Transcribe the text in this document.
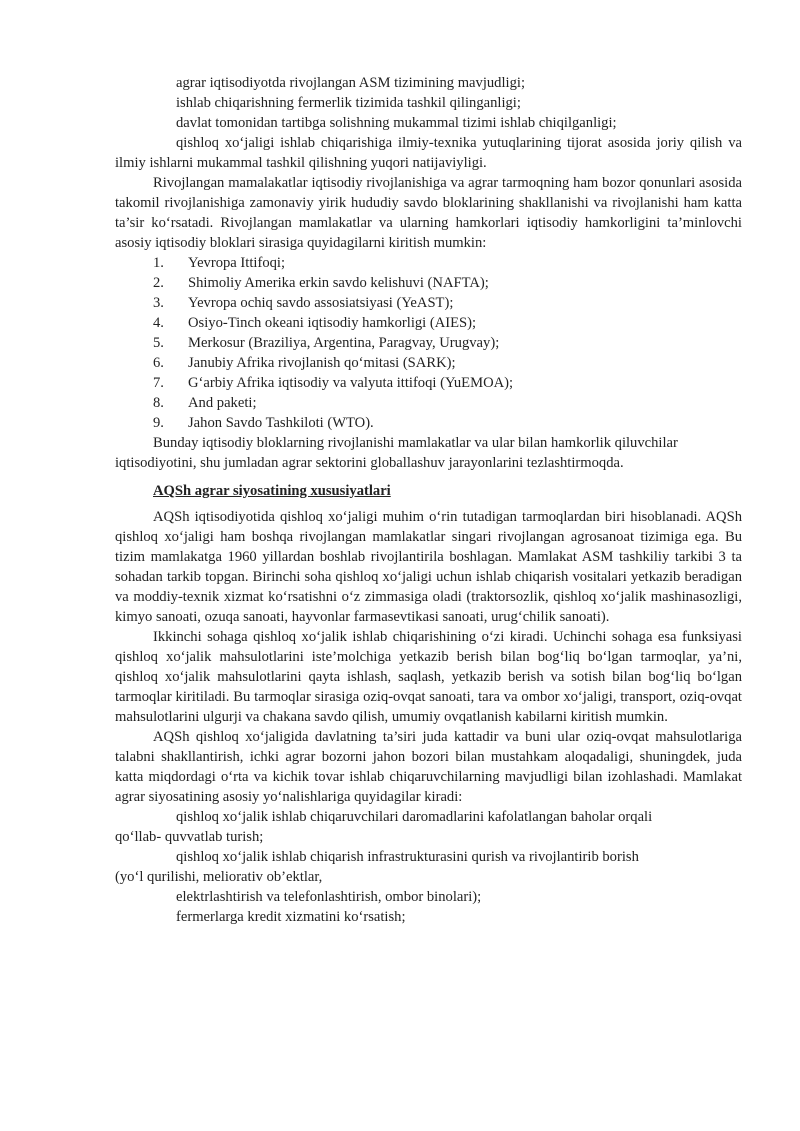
agrar iqtisodiyotda rivojlangan ASM tizimining mavjudligi;

ishlab chiqarishning fermerlik tizimida tashkil qilinganligi;

davlat tomonidan tartibga solishning mukammal tizimi ishlab chiqilganligi;

qishloq xo‘jaligi ishlab chiqarishiga ilmiy-texnika yutuqlarining tijorat asosida joriy qilish va ilmiy ishlarni mukammal tashkil qilishning yuqori natijaviyligi.

Rivojlangan mamalakatlar iqtisodiy rivojlanishiga va agrar tarmoqning ham bozor qonunlari asosida takomil rivojlanishiga zamonaviy yirik hududiy savdo bloklarining shakllanishi va rivojlanishi ham katta ta’sir ko‘rsatadi. Rivojlangan mamlakatlar va ularning hamkorlari iqtisodiy hamkorligini ta’minlovchi asosiy iqtisodiy bloklari sirasiga quyidagilarni kiritish mumkin:

1. Yevropa Ittifoqi;
2. Shimoliy Amerika erkin savdo kelishuvi (NAFTA);
3. Yevropa ochiq savdo assosiatsiyasi (YeAST);
4. Osiyo-Tinch okeani iqtisodiy hamkorligi (AIES);
5. Merkosur (Braziliya, Argentina, Paragvay, Urugvay);
6. Janubiy Afrika rivojlanish qo‘mitasi (SARK);
7. G‘arbiy Afrika iqtisodiy va valyuta ittifoqi (YuEMOA);
8. And paketi;
9. Jahon Savdo Tashkiloti (WTO).

Bunday iqtisodiy bloklarning rivojlanishi mamlakatlar va ular bilan hamkorlik qiluvchilar iqtisodiyotini, shu jumladan agrar sektorini globallashuv jarayonlarini tezlashtirmoqda.

AQSh agrar siyosatining xususiyatlari

AQSh iqtisodiyotida qishloq xo‘jaligi muhim o‘rin tutadigan tarmoqlardan biri hisoblanadi. AQSh qishloq xo‘jaligi ham boshqa rivojlangan mamlakatlar singari rivojlangan agrosanoat tizimiga ega. Bu tizim mamlakatga 1960 yillardan boshlab rivojlantirila boshlagan. Mamlakat ASM tashkiliy tarkibi 3 ta sohadan tarkib topgan. Birinchi soha qishloq xo‘jaligi uchun ishlab chiqarish vositalari yetkazib beradigan va moddiy-texnik xizmat ko‘rsatishni o‘z zimmasiga oladi (traktorsozlik, qishloq xo‘jalik mashinasozligi, kimyo sanoati, ozuqa sanoati, hayvonlar farmasevtikasi sanoati, urug‘chilik sanoati).

Ikkinchi sohaga qishloq xo‘jalik ishlab chiqarishining o‘zi kiradi. Uchinchi sohaga esa funksiyasi qishloq xo‘jalik mahsulotlarini iste’molchiga yetkazib berish bilan bog‘liq bo‘lgan tarmoqlar, ya’ni, qishloq xo‘jalik mahsulotlarini qayta ishlash, saqlash, yetkazib berish va sotish bilan bog‘liq bo‘lgan tarmoqlar kiritiladi. Bu tarmoqlar sirasiga oziq-ovqat sanoati, tara va ombor xo‘jaligi, transport, oziq-ovqat mahsulotlarini ulgurji va chakana savdo qilish, umumiy ovqatlanish kabilarni kiritish mumkin.

AQSh qishloq xo‘jaligida davlatning ta’siri juda kattadir va buni ular oziq-ovqat mahsulotlariga talabni shakllantirish, ichki agrar bozorni jahon bozori bilan mustahkam aloqadaligi, shuningdek, juda katta miqdordagi o‘rta va kichik tovar ishlab chiqaruvchilarning mavjudligi bilan izohlashadi. Mamlakat agrar siyosatining asosiy yo‘nalishlariga quyidagilar kiradi:

qishloq xo‘jalik ishlab chiqaruvchilari daromadlarini kafolatlangan baholar orqali

qo‘llab- quvvatlab turish;

qishloq xo‘jalik ishlab chiqarish infrastrukturasini qurish va rivojlantirib borish

(yo‘l qurilishi, meliorativ ob’ektlar,

elektrlashtirish va telefonlashtirish, ombor binolari);

fermerlarga kredit xizmatini ko‘rsatish;
